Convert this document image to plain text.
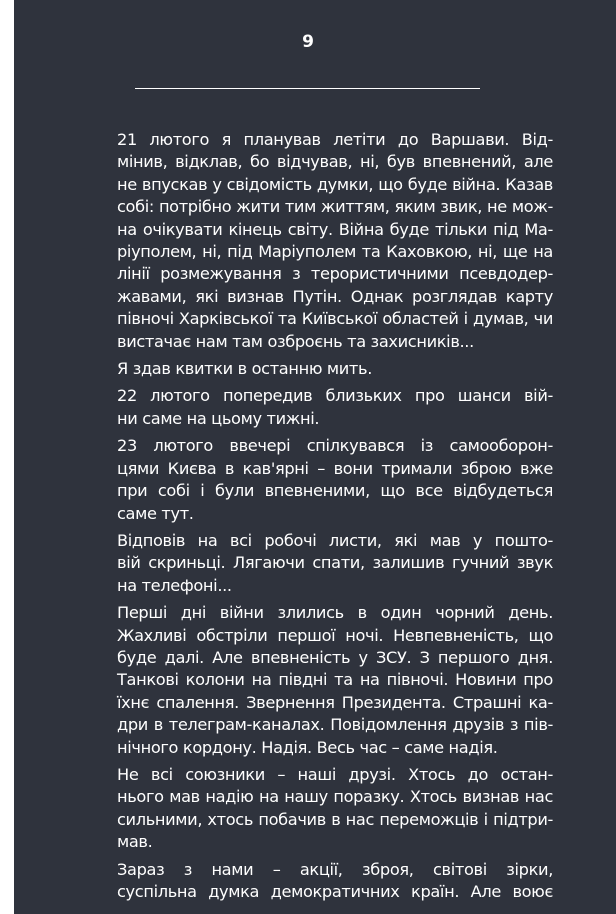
9

21 лютого я планував летіти до Варшави. Від-
мінив, відклав, бо відчував, ні, був впевнений, але
не впускав у свідомість думки, що буде війна. Казав
собі: потрібно жити тим життям, яким звик, не мож-
на очікувати кінець світу. Війна буде тільки під Ма-
ріуполем, ні, під Маріуполем та Каховкою, ні, ще на
лінії розмежування з терористичними псевдодер-
жавами, які визнав Путін. Однак розглядав карту
півночі Харківської та Київської областей і думав, чи
вистачає нам там озброєнь та захисників...

Я здав квитки в останню мить.

22 лютого попередив близьких про шанси вій-
ни саме на цьому тижні.

23 лютого ввечері спілкувався із самооборон-
цями Києва в кав'ярні – вони тримали зброю вже
при собі і були впевненими, що все відбудеться
саме тут.

Відповів на всі робочі листи, які мав у пошто-
вій скриньці. Лягаючи спати, залишив гучний звук
на телефоні...

Перші дні війни злились в один чорний день.
Жахливі обстріли першої ночі. Невпевненість, що
буде далі. Але впевненість у ЗСУ. З першого дня.
Танкові колони на півдні та на півночі. Новини про
їхнє спалення. Звернення Президента. Страшні ка-
дри в телеграм-каналах. Повідомлення друзів з пів-
нічного кордону. Надія. Весь час – саме надія.

Не всі союзники – наші друзі. Хтось до остан-
нього мав надію на нашу поразку. Хтось визнав нас
сильними, хтось побачив в нас переможців і підтри-
мав.

Зараз з нами – акції, зброя, світові зірки,
суспільна думка демократичних країн. Але воює
